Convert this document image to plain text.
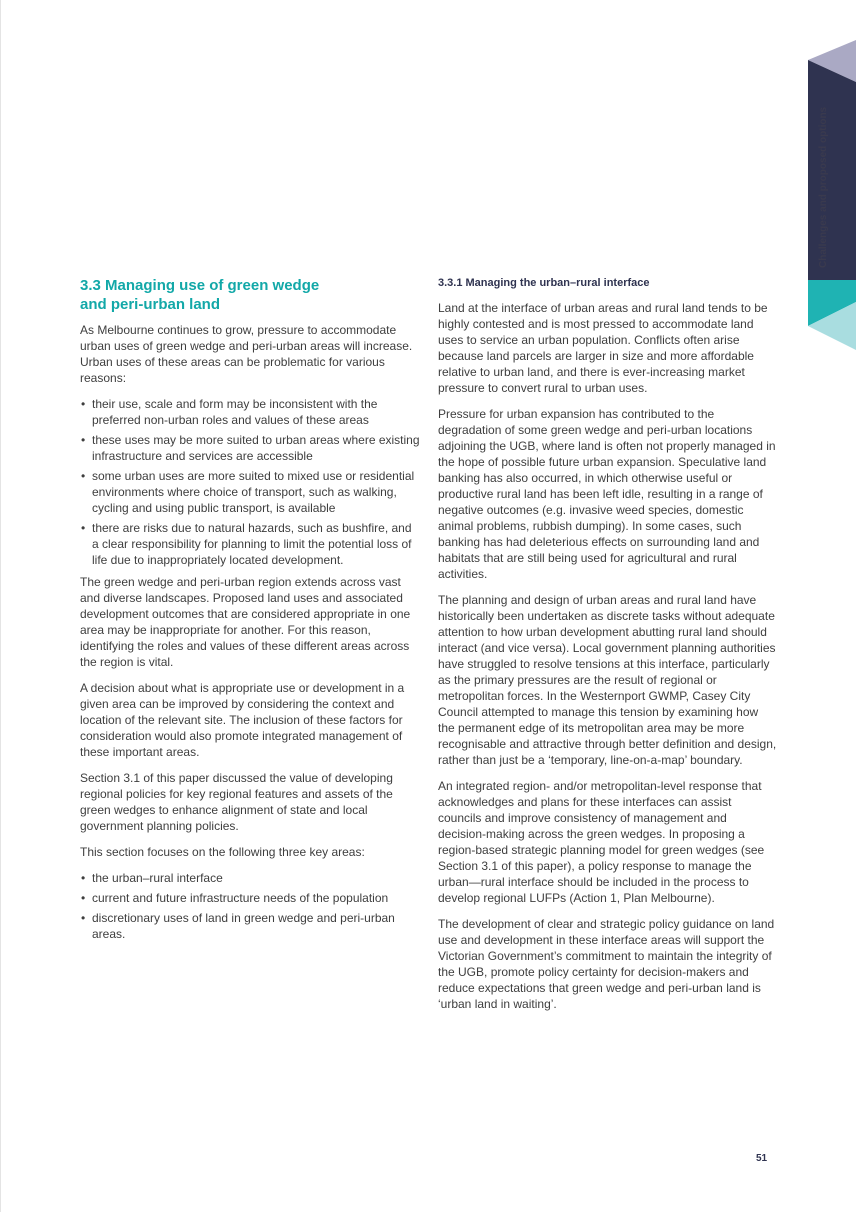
Challenges and proposed options
3.3 Managing use of green wedge and peri-urban land

As Melbourne continues to grow, pressure to accommodate urban uses of green wedge and peri-urban areas will increase. Urban uses of these areas can be problematic for various reasons:

• their use, scale and form may be inconsistent with the preferred non-urban roles and values of these areas
• these uses may be more suited to urban areas where existing infrastructure and services are accessible
• some urban uses are more suited to mixed use or residential environments where choice of transport, such as walking, cycling and using public transport, is available
• there are risks due to natural hazards, such as bushfire, and a clear responsibility for planning to limit the potential loss of life due to inappropriately located development.

The green wedge and peri-urban region extends across vast and diverse landscapes. Proposed land uses and associated development outcomes that are considered appropriate in one area may be inappropriate for another. For this reason, identifying the roles and values of these different areas across the region is vital.

A decision about what is appropriate use or development in a given area can be improved by considering the context and location of the relevant site. The inclusion of these factors for consideration would also promote integrated management of these important areas.

Section 3.1 of this paper discussed the value of developing regional policies for key regional features and assets of the green wedges to enhance alignment of state and local government planning policies.

This section focuses on the following three key areas:

• the urban–rural interface
• current and future infrastructure needs of the population
• discretionary uses of land in green wedge and peri-urban areas.
3.3.1 Managing the urban–rural interface

Land at the interface of urban areas and rural land tends to be highly contested and is most pressed to accommodate land uses to service an urban population. Conflicts often arise because land parcels are larger in size and more affordable relative to urban land, and there is ever-increasing market pressure to convert rural to urban uses.

Pressure for urban expansion has contributed to the degradation of some green wedge and peri-urban locations adjoining the UGB, where land is often not properly managed in the hope of possible future urban expansion. Speculative land banking has also occurred, in which otherwise useful or productive rural land has been left idle, resulting in a range of negative outcomes (e.g. invasive weed species, domestic animal problems, rubbish dumping). In some cases, such banking has had deleterious effects on surrounding land and habitats that are still being used for agricultural and rural activities.

The planning and design of urban areas and rural land have historically been undertaken as discrete tasks without adequate attention to how urban development abutting rural land should interact (and vice versa). Local government planning authorities have struggled to resolve tensions at this interface, particularly as the primary pressures are the result of regional or metropolitan forces. In the Westernport GWMP, Casey City Council attempted to manage this tension by examining how the permanent edge of its metropolitan area may be more recognisable and attractive through better definition and design, rather than just be a ‘temporary, line-on-a-map’ boundary.

An integrated region- and/or metropolitan-level response that acknowledges and plans for these interfaces can assist councils and improve consistency of management and decision-making across the green wedges. In proposing a region-based strategic planning model for green wedges (see Section 3.1 of this paper), a policy response to manage the urban—rural interface should be included in the process to develop regional LUFPs (Action 1, Plan Melbourne).

The development of clear and strategic policy guidance on land use and development in these interface areas will support the Victorian Government’s commitment to maintain the integrity of the UGB, promote policy certainty for decision-makers and reduce expectations that green wedge and peri-urban land is ‘urban land in waiting’.

51
